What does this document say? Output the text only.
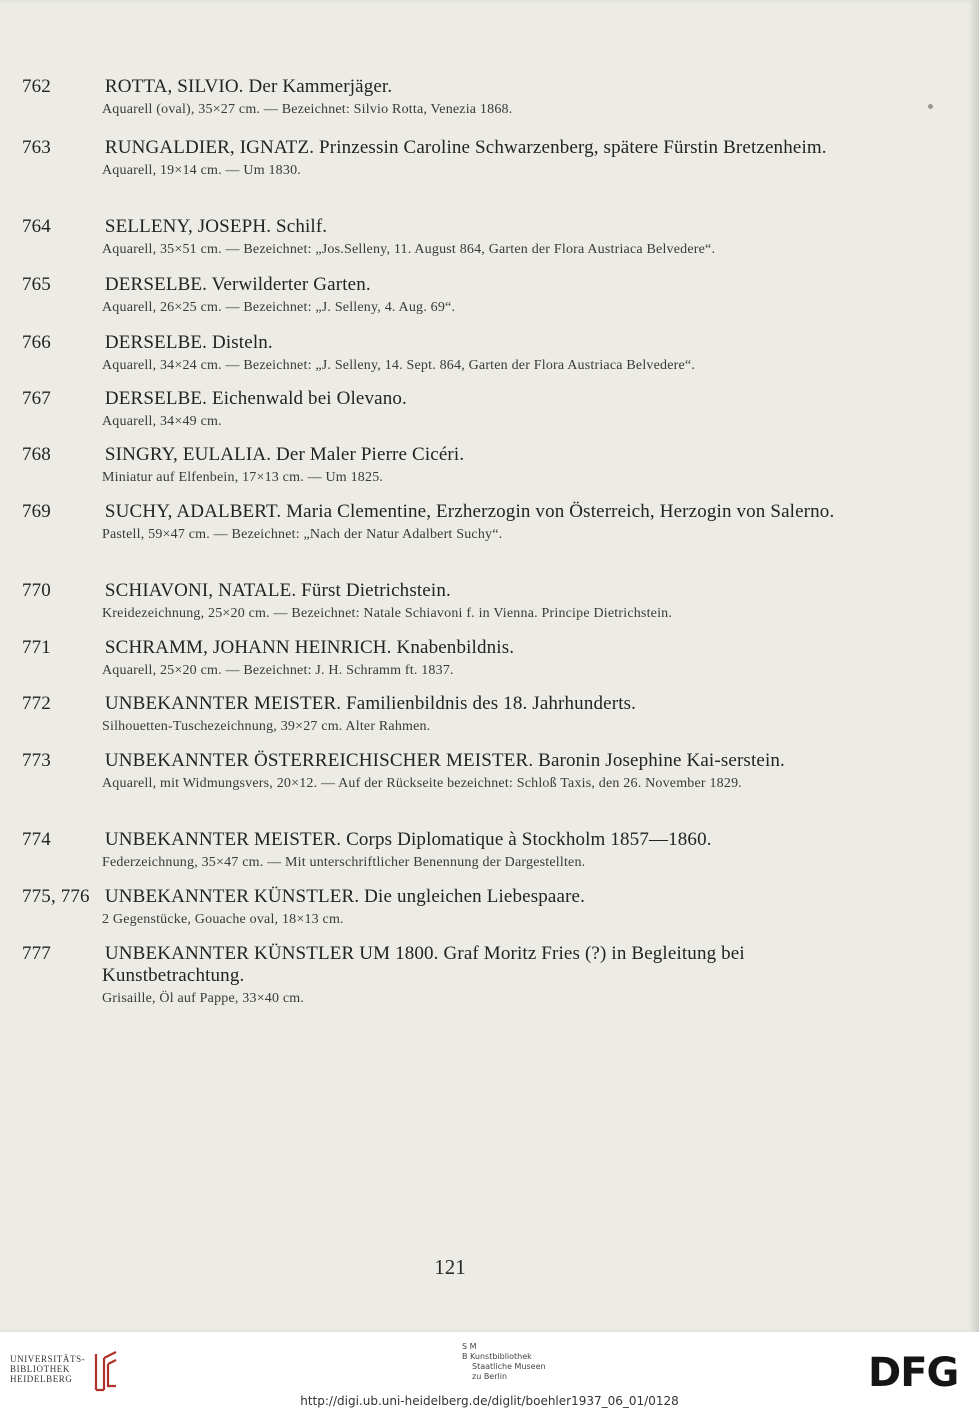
762	ROTTA, SILVIO. Der Kammerjäger.
Aquarell (oval), 35×27 cm. — Bezeichnet: Silvio Rotta, Venezia 1868.
763	RUNGALDIER, IGNATZ. Prinzessin Caroline Schwarzenberg, spätere Fürstin Bretzenheim.
Aquarell, 19×14 cm. — Um 1830.
764	SELLENY, JOSEPH. Schilf.
Aquarell, 35×51 cm. — Bezeichnet: „Jos.Selleny, 11. August 864, Garten der Flora Austriaca Belvedere“.
765	DERSELBE. Verwilderter Garten.
Aquarell, 26×25 cm. — Bezeichnet: „J. Selleny, 4. Aug. 69“.
766	DERSELBE. Disteln.
Aquarell, 34×24 cm. — Bezeichnet: „J. Selleny, 14. Sept. 864, Garten der Flora Austriaca Belvedere“.
767	DERSELBE. Eichenwald bei Olevano.
Aquarell, 34×49 cm.
768	SINGRY, EULALIA. Der Maler Pierre Cicéri.
Miniatur auf Elfenbein, 17×13 cm. — Um 1825.
769	SUCHY, ADALBERT. Maria Clementine, Erzherzogin von Österreich, Herzogin von Salerno.
Pastell, 59×47 cm. — Bezeichnet: „Nach der Natur Adalbert Suchy“.
770	SCHIAVONI, NATALE. Fürst Dietrichstein.
Kreidezeichnung, 25×20 cm. — Bezeichnet: Natale Schiavoni f. in Vienna. Principe Dietrichstein.
771	SCHRAMM, JOHANN HEINRICH. Knabenbildnis.
Aquarell, 25×20 cm. — Bezeichnet: J. H. Schramm ft. 1837.
772	UNBEKANNTER MEISTER. Familienbildnis des 18. Jahrhunderts.
Silhouetten-Tuschezeichnung, 39×27 cm. Alter Rahmen.
773	UNBEKANNTER ÖSTERREICHISCHER MEISTER. Baronin Josephine Kai-serstein.
Aquarell, mit Widmungsvers, 20×12. — Auf der Rückseite bezeichnet: Schloß Taxis, den 26. November 1829.
774	UNBEKANNTER MEISTER. Corps Diplomatique à Stockholm 1857—1860.
Federzeichnung, 35×47 cm. — Mit unterschriftlicher Benennung der Dargestellten.
775, 776 UNBEKANNTER KÜNSTLER. Die ungleichen Liebespaare.
2 Gegenstücke, Gouache oval, 18×13 cm.
777	UNBEKANNTER KÜNSTLER UM 1800. Graf Moritz Fries (?) in Begleitung bei Kunstbetrachtung.
Grisaille, Öl auf Pappe, 33×40 cm.
121
UNIVERSITÄTS-
BIBLIOTHEK
HEIDELBERG
S M
B Kunstbibliothek
Staatliche Museen
zu Berlin	DFG
http://digi.ub.uni-heidelberg.de/diglit/boehler1937_06_01/0128
